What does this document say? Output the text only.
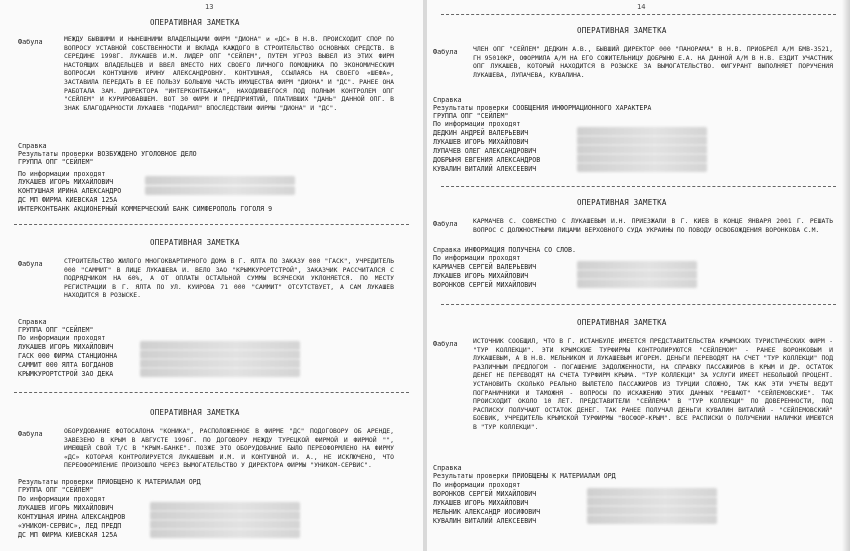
13
ОПЕРАТИВНАЯ ЗАМЕТКА
Фабула	МЕЖДУ БЫВШИМИ И НЫНЕШНИМИ ВЛАДЕЛЬЦАМИ ФИРМ "ДИОНА" и «ДС» В Н.В. ПРОИСХОДИТ СПОР ПО ВОПРОСУ УСТАВНОЙ СОБСТВЕННОСТИ И ВКЛАДА КАЖДОГО В СТРОИТЕЛЬСТВО ОСНОВНЫХ СРЕДСТВ. В СЕРЕДИНЕ 1998Г. ЛУКАШЕВ И.М. ЛИДЕР ОПГ "СЕЙЛЕМ", ПУТЕМ УГРОЗ ВЫВЕЛ ИЗ ЭТИХ ФИРМ НАСТОЯЩИХ ВЛАДЕЛЬЦЕВ И ВВЕЛ ВМЕСТО НИХ СВОЕГО ЛИЧНОГО ПОМОЩНИКА ПО ЭКОНОМИЧЕСКИМ ВОПРОСАМ КОНТУШНУЮ ИРИНУ АЛЕКСАНДРОВНУ. КОНТУШНАЯ, ССЫЛАЯСЬ НА СВОЕГО «ШЕФА», ЗАСТАВИЛА ПЕРЕДАТЬ В ЕЕ ПОЛЬЗУ БОЛЬШУЮ ЧАСТЬ ИМУЩЕСТВА ФИРМ "ДИОНА" И "ДС". РАНЕЕ ОНА РАБОТАЛА ЗАМ. ДИРЕКТОРА "ИНТЕРКОНТБАНКА", НАХОДИВШЕГОСЯ ПОД ПОЛНЫМ КОНТРОЛЕМ ОПГ "СЕЙЛЕМ" И КУРИРОВАВШЕМ. ВОТ 30 ФИРМ И ПРЕДПРИЯТИЙ, ПЛАТИВШИХ "ДАНЬ" ДАННОЙ ОПГ. В ЗНАК БЛАГОДАРНОСТИ ЛУКАШЕВ "ПОДАРИЛ" ВПОСЛЕДСТВИИ ФИРМЫ "ДИОНА" И "ДС".
Справка
Результаты проверки ВОЗБУЖДЕНО УГОЛОВНОЕ ДЕЛО
ГРУППА ОПГ "СЕЙЛЕМ"
По информации проходят
ЛУКАШЕВ ИГОРЬ МИХАЙЛОВИЧ
КОНТУШНАЯ ИРИНА АЛЕКСАНДРО
ДС МП ФИРМА КИЕВСКАЯ 125А
ИНТЕРКОНТБАНК АКЦИОНЕРНЫЙ КОММЕРЧЕСКИЙ БАНК СИМФЕРОПОЛЬ ГОГОЛЯ 9
ОПЕРАТИВНАЯ ЗАМЕТКА
Фабула	СТРОИТЕЛЬСТВО ЖИЛОГО МНОГОКВАРТИРНОГО ДОМА В Г. ЯЛТА ПО ЗАКАЗУ 000 "ГАСК", УЧРЕДИТЕЛЬ 000 "САММИТ" В ЛИЦЕ ЛУКАШЕВА И. ВЕЛО ЗАО "КРЫМКУРОРТСТРОЙ", ЗАКАЗЧИК РАССЧИТАЛСЯ С ПОДРЯДЧИКОМ НА 60%, А ОТ ОПЛАТЫ ОСТАЛЬНОЙ СУММЫ ВСЯЧЕСКИ УКЛОНЯЕТСЯ. ПО МЕСТУ РЕГИСТРАЦИИ В Г. ЯЛТА ПО УЛ. КУИРОВА 71 000 "САММИТ" ОТСУТСТВУЕТ, А САМ ЛУКАШЕВ НАХОДИТСЯ В РОЗЫСКЕ.
Справка
ГРУППА ОПГ "СЕЙЛЕМ"
По информации проходят
ЛУКАШЕВ ИГОРЬ МИХАЙЛОВИЧ
ГАСК 000 ФИРМА СТАНЦИОННА
САММИТ 000 ЯЛТА БОГДАНОВ
КРЫМКУРОРТСТРОЙ ЗАО ДЕКА
ОПЕРАТИВНАЯ ЗАМЕТКА
Фабула	ОБОРУДОВАНИЕ ФОТОСАЛОНА "КОНИКА", РАСПОЛОЖЕННОЕ В ФИРМЕ "ДС" ПОДОГОВОРУ ОБ АРЕНДЕ, ЗАВЕЗЕНО В КРЫМ В АВГУСТЕ 1996Г. ПО ДОГОВОРУ МЕЖДУ ТУРЕЦКОЙ ФИРМОЙ И ФИРМОЙ "", ИМЕЮЩЕЙ СВОЙ Т/С В "КРЫМ-БАНКЕ". ПОЗЖЕ ЭТО ОБОРУДОВАНИЕ БЫЛО ПЕРЕОФОРМЛЕНО НА ФИРМУ «ДС» КОТОРАЯ КОНТРОЛИРУЕТСЯ ЛУКАШЕВЫМ И.М. И КОНТУШНОЙ И. А., НЕ ИСКЛЮЧЕНО, ЧТО ПЕРЕОФОРМЛЕНИЕ ПРОИЗОШЛО ЧЕРЕЗ ВЫМОГАТЕЛЬСТВО У ДИРЕКТОРА ФИРМЫ "УНИКОМ-СЕРВИС".
Результаты проверки ПРИОБЩЕНО К МАТЕРИАЛАМ ОРД
ГРУППА ОПГ "СЕЙЛЕМ"
По информации проходят
ЛУКАШЕВ ИГОРЬ МИХАЙЛОВИЧ
КОНТУШНАЯ ИРИНА АЛЕКСАНДРОВ
«УНИКОМ-СЕРВИС», ЛЕД ПРЕДП
ДС МП ФИРМА КИЕВСКАЯ 125А
14
ОПЕРАТИВНАЯ ЗАМЕТКА
Фабула ЧЛЕН ОПГ "СЕЙЛЕМ" ДЕДКИН А.В., БЫВШИЙ ДИРЕКТОР 000 "ПАНОРАМА" В Н.В. ПРИОБРЕЛ А/М БМВ-3521, ГН 95010КР, ОФОРМИЛА А/М НА ЕГО СОЖИТЕЛЬНИЦУ ДОБРЫНЮ Е.А. НА ДАННОЙ А/М В Н.В. ЕЗДИТ УЧАСТНИК ОПГ ЛУКАШЕВ, КОТОРЫЙ НАХОДИТСЯ В РОЗЫСКЕ ЗА ВЫМОГАТЕЛЬСТВО. ФИГУРАНТ ВЫПОЛНЯЕТ ПОРУЧЕНИЯ ЛУКАШЕВА, ЛУПАЧЕВА, КУВАЛИНА.
Справка
Результаты проверки СООБЩЕНИЯ ИНФОРМАЦИОННОГО ХАРАКТЕРА
ГРУППА ОПГ "СЕЙЛЕМ"
По информации проходят
ДЕДКИН АНДРЕЙ ВАЛЕРЬЕВИЧ
ЛУКАШЕВ ИГОРЬ МИХАЙЛОВИЧ
ЛУПАЧЕВ ОЛЕГ АЛЕКСАНДРОВИЧ
ДОБРЫНЯ ЕВГЕНИЯ АЛЕКСАНДРОВ
КУВАЛИН ВИТАЛИЙ АЛЕКСЕЕВИЧ
ОПЕРАТИВНАЯ ЗАМЕТКА
Фабула КАРМАЧЕВ С. СОВМЕСТНО С ЛУКАШЕВЫМ И.Н. ПРИЕЗЖАЛИ В Г. КИЕВ В КОНЦЕ ЯНВАРЯ 2001 Г. РЕШАТЬ ВОПРОС С ДОЛЖНОСТНЫМИ ЛИЦАМИ ВЕРХОВНОГО СУДА УКРАИНЫ ПО ПОВОДУ ОСВОБОЖДЕНИЯ ВОРОНКОВА С.М.
Справка ИНФОРМАЦИЯ ПОЛУЧЕНА СО СЛОВ.
По информации проходят
КАРМАЧЕВ СЕРГЕЙ ВАЛЕРЬЕВИЧ
ЛУКАШЕВ ИГОРЬ МИХАЙЛОВИЧ
ВОРОНКОВ СЕРГЕЙ МИХАЙЛОВИЧ
ОПЕРАТИВНАЯ ЗАМЕТКА
Фабула ИСТОЧНИК СООБЩИЛ, ЧТО В Г. ИСТАНБУЛЕ ИМЕЕТСЯ ПРЕДСТАВИТЕЛЬСТВА КРЫМСКИХ ТУРИСТИЧЕСКИХ ФИРМ - "ТУР КОЛЛЕКЦИ". ЭТИ КРЫМСКИЕ ТУРФИРМЫ КОНТРОЛИРУЮТСЯ "СЕЙЛЕМОМ" - РАНЕЕ ВОРОНКОВЫМ И ЛУКАШЕВЫМ, А В Н.В. МЕЛЬНИКОМ И ЛУКАШЕВЫМ ИГОРЕМ. ДЕНЬГИ ПЕРЕВОДЯТ НА СЧЕТ "ТУР КОЛЛЕКЦИ" ПОД РАЗЛИЧНЫМ ПРЕДЛОГОМ - ПОГАШЕНИЕ ЗАДОЛЖЕННОСТИ, НА СПРАВКУ ПАССАЖИРОВ В КРЫМ И ДР. ОСТАТОК ДЕНЕГ НЕ ПЕРЕВОДЯТ НА СЧЕТА ТУРФИРМ КРЫМА. "ТУР КОЛЛЕКЦИ" ЗА УСЛУГИ ИМЕЕТ НЕБОЛЬШОЙ ПРОЦЕНТ. УСТАНОВИТЬ СКОЛЬКО РЕАЛЬНО ВЫЛЕТЕЛО ПАССАЖИРОВ ИЗ ТУРЦИИ СЛОЖНО, ТАК КАК ЭТИ УЧЕТЫ ВЕДУТ ПОГРАНИЧНИКИ И ТАМОЖНЯ - ВОПРОСЫ ПО ИСКАЖЕНИЮ ЭТИХ ДАННЫХ "РЕШАЮТ" "СЕЙЛЕМОВСКИЕ". ТАК ПРОИСХОДИТ ОКОЛО 10 ЛЕТ. ПРЕДСТАВИТЕЛИ "СЕЙЛЕМА" В "ТУР КОЛЛЕКЦИ" ПО ДОВЕРЕННОСТИ, ПОД РАСПИСКУ ПОЛУЧАЮТ ОСТАТОК ДЕНЕГ. ТАК РАНЕЕ ПОЛУЧАЛ ДЕНЬГИ КУВАЛИН ВИТАЛИЙ - "СЕЙЛЕМОВСКИЙ" БОЕВИК, УЧРЕДИТЕЛЬ КРЫМСКОЙ ТУРФИРМЫ "ВОСФОР-КРЫМ". ВСЕ РАСПИСКИ О ПОЛУЧЕНИИ НАЛИЧКИ ИМЕЮТСЯ В "ТУР КОЛЛЕКЦИ".
Справка
Результаты проверки ПРИОБЩЕНЫ К МАТЕРИАЛАМ ОРД
По информации проходят
ВОРОНКОВ СЕРГЕЙ МИХАЙЛОВИЧ
ЛУКАШЕВ ИГОРЬ МИХАЙЛОВИЧ
МЕЛЬНИК АЛЕКСАНДР ИОСИФОВИЧ
КУВАЛИН ВИТАЛИЙ АЛЕКСЕЕВИЧ
